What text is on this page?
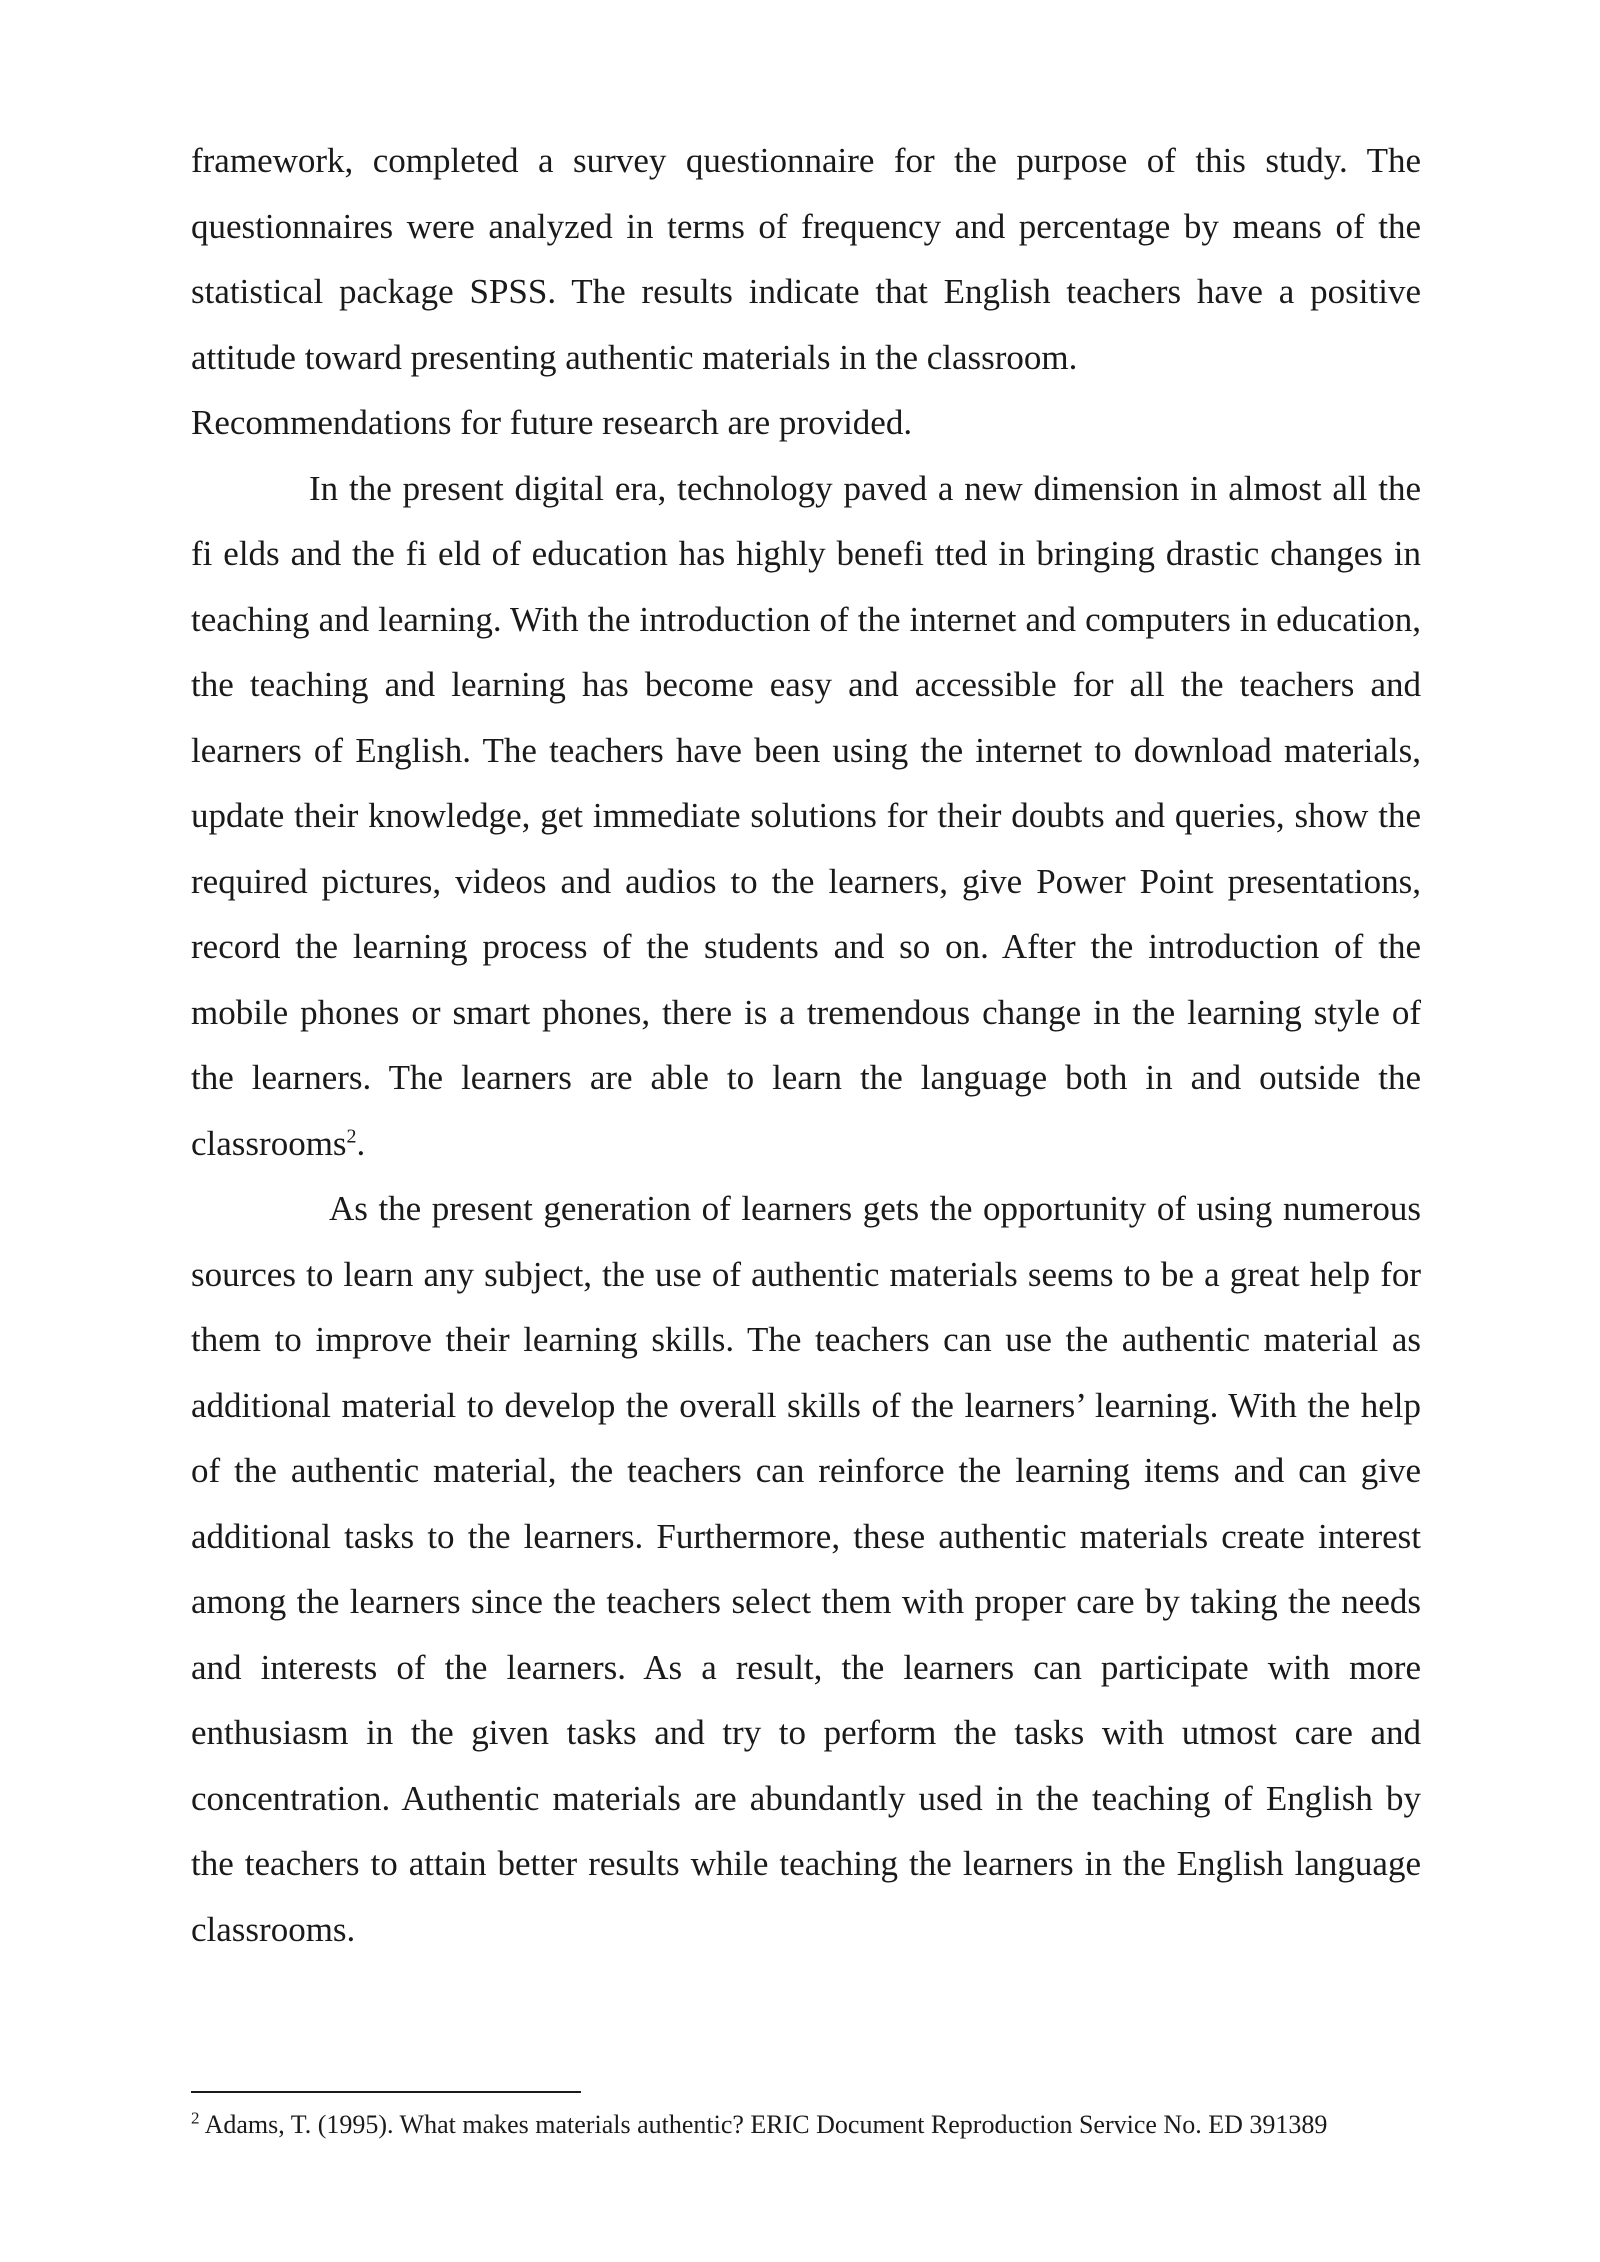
framework, completed a survey questionnaire for the purpose of this study. The questionnaires were analyzed in terms of frequency and percentage by means of the statistical package SPSS. The results indicate that English teachers have a positive attitude toward presenting authentic materials in the classroom.
Recommendations for future research are provided.

In the present digital era, technology paved a new dimension in almost all the fi elds and the fi eld of education has highly benefi tted in bringing drastic changes in teaching and learning. With the introduction of the internet and computers in education, the teaching and learning has become easy and accessible for all the teachers and learners of English. The teachers have been using the internet to download materials, update their knowledge, get immediate solutions for their doubts and queries, show the required pictures, videos and audios to the learners, give Power Point presentations, record the learning process of the students and so on. After the introduction of the mobile phones or smart phones, there is a tremendous change in the learning style of the learners. The learners are able to learn the language both in and outside the classrooms$^2$.

As the present generation of learners gets the opportunity of using numerous sources to learn any subject, the use of authentic materials seems to be a great help for them to improve their learning skills. The teachers can use the authentic material as additional material to develop the overall skills of the learners’ learning. With the help of the authentic material, the teachers can reinforce the learning items and can give additional tasks to the learners. Furthermore, these authentic materials create interest among the learners since the teachers select them with proper care by taking the needs and interests of the learners. As a result, the learners can participate with more enthusiasm in the given tasks and try to perform the tasks with utmost care and concentration. Authentic materials are abundantly used in the teaching of English by the teachers to attain better results while teaching the learners in the English language classrooms.

$^2$ Adams, T. (1995). What makes materials authentic? ERIC Document Reproduction Service No. ED 391389
